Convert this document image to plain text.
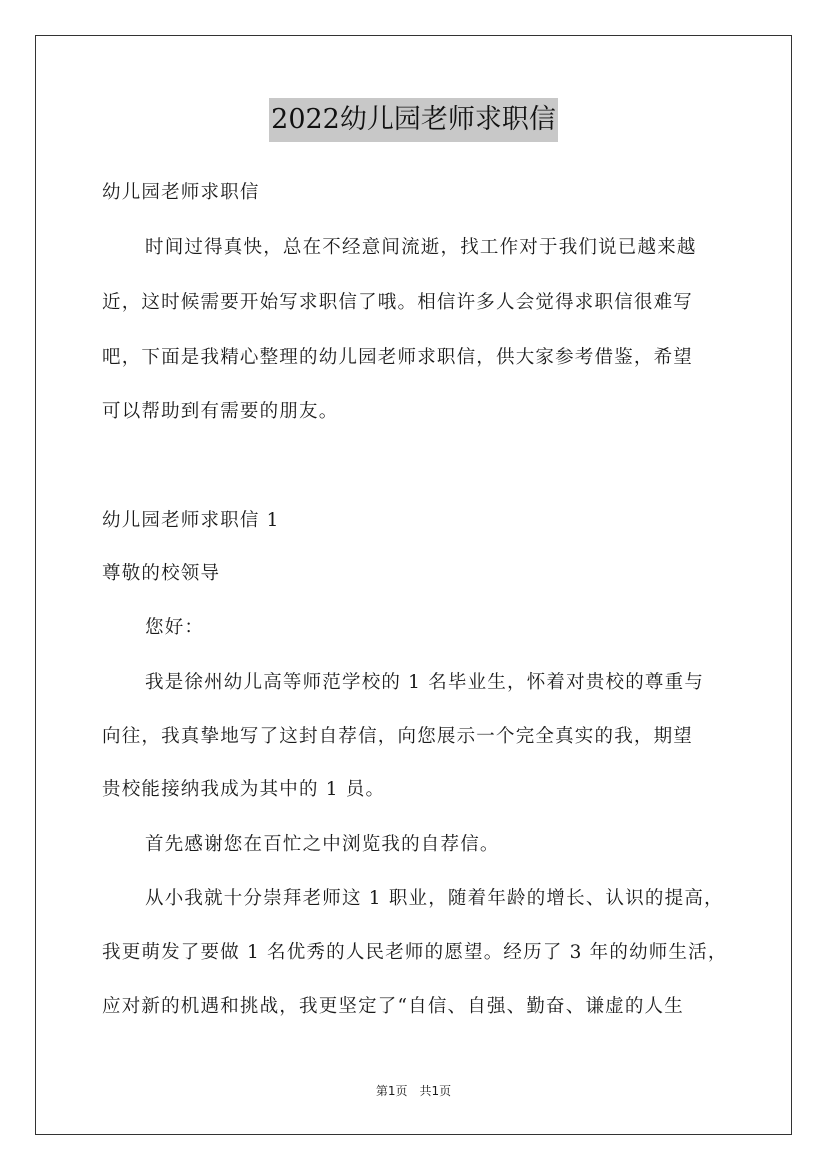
2022幼儿园老师求职信
幼儿园老师求职信
时间过得真快，总在不经意间流逝，找工作对于我们说已越来越
近，这时候需要开始写求职信了哦。相信许多人会觉得求职信很难写
吧，下面是我精心整理的幼儿园老师求职信，供大家参考借鉴，希望
可以帮助到有需要的朋友。
幼儿园老师求职信 1
尊敬的校领导
您好：
我是徐州幼儿高等师范学校的 1 名毕业生，怀着对贵校的尊重与
向往，我真挚地写了这封自荐信，向您展示一个完全真实的我，期望
贵校能接纳我成为其中的 1 员。
首先感谢您在百忙之中浏览我的自荐信。
从小我就十分崇拜老师这 1 职业，随着年龄的增长、认识的提高，
我更萌发了要做 1 名优秀的人民老师的愿望。经历了 3 年的幼师生活，
应对新的机遇和挑战，我更坚定了“自信、自强、勤奋、谦虚的人生
第1页　共1页
